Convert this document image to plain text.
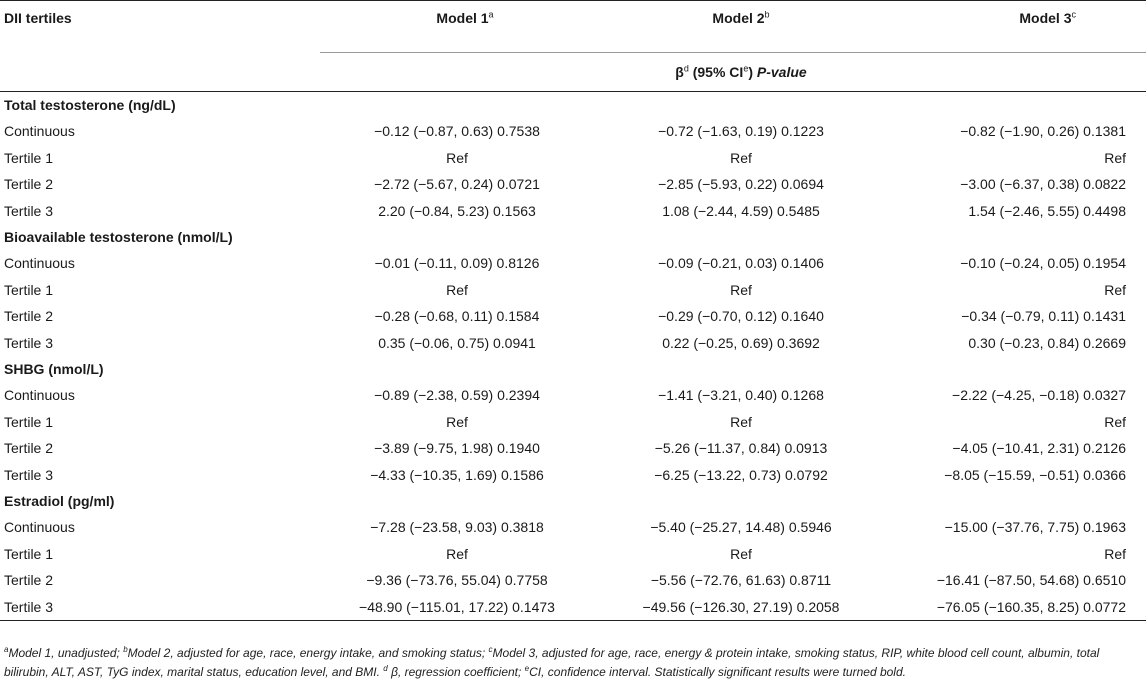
DII tertiles	Model 1$^a$	Model 2$^b$	Model 3$^c$
		$\beta^d$ (95% CIe) P-value	
Total testosterone (ng/dL)			
Continuous	−0.12 (−0.87, 0.63) 0.7538	−0.72 (−1.63, 0.19) 0.1223	−0.82 (−1.90, 0.26) 0.1381
Tertile 1	Ref	Ref	Ref
Tertile 2	−2.72 (−5.67, 0.24) 0.0721	−2.85 (−5.93, 0.22) 0.0694	−3.00 (−6.37, 0.38) 0.0822
Tertile 3	2.20 (−0.84, 5.23) 0.1563	1.08 (−2.44, 4.59) 0.5485	1.54 (−2.46, 5.55) 0.4498
Bioavailable testosterone (nmol/L)			
Continuous	−0.01 (−0.11, 0.09) 0.8126	−0.09 (−0.21, 0.03) 0.1406	−0.10 (−0.24, 0.05) 0.1954
Tertile 1	Ref	Ref	Ref
Tertile 2	−0.28 (−0.68, 0.11) 0.1584	−0.29 (−0.70, 0.12) 0.1640	−0.34 (−0.79, 0.11) 0.1431
Tertile 3	0.35 (−0.06, 0.75) 0.0941	0.22 (−0.25, 0.69) 0.3692	0.30 (−0.23, 0.84) 0.2669
SHBG (nmol/L)			
Continuous	−0.89 (−2.38, 0.59) 0.2394	−1.41 (−3.21, 0.40) 0.1268	−2.22 (−4.25, −0.18) 0.0327
Tertile 1	Ref	Ref	Ref
Tertile 2	−3.89 (−9.75, 1.98) 0.1940	−5.26 (−11.37, 0.84) 0.0913	−4.05 (−10.41, 2.31) 0.2126
Tertile 3	−4.33 (−10.35, 1.69) 0.1586	−6.25 (−13.22, 0.73) 0.0792	−8.05 (−15.59, −0.51) 0.0366
Estradiol (pg/ml)			
Continuous	−7.28 (−23.58, 9.03) 0.3818	−5.40 (−25.27, 14.48) 0.5946	−15.00 (−37.76, 7.75) 0.1963
Tertile 1	Ref	Ref	Ref
Tertile 2	−9.36 (−73.76, 55.04) 0.7758	−5.56 (−72.76, 61.63) 0.8711	−16.41 (−87.50, 54.68) 0.6510
Tertile 3	−48.90 (−115.01, 17.22) 0.1473	−49.56 (−126.30, 27.19) 0.2058	−76.05 (−160.35, 8.25) 0.0772
$^a$Model 1, unadjusted; $^b$Model 2, adjusted for age, race, energy intake, and smoking status; $^c$Model 3, adjusted for age, race, energy & protein intake, smoking status, RIP, white blood cell count, albumin, total bilirubin, ALT, AST, TyG index, marital status, education level, and BMI. $^d$ β, regression coefficient; $^e$CI, confidence interval. Statistically significant results were turned bold.
